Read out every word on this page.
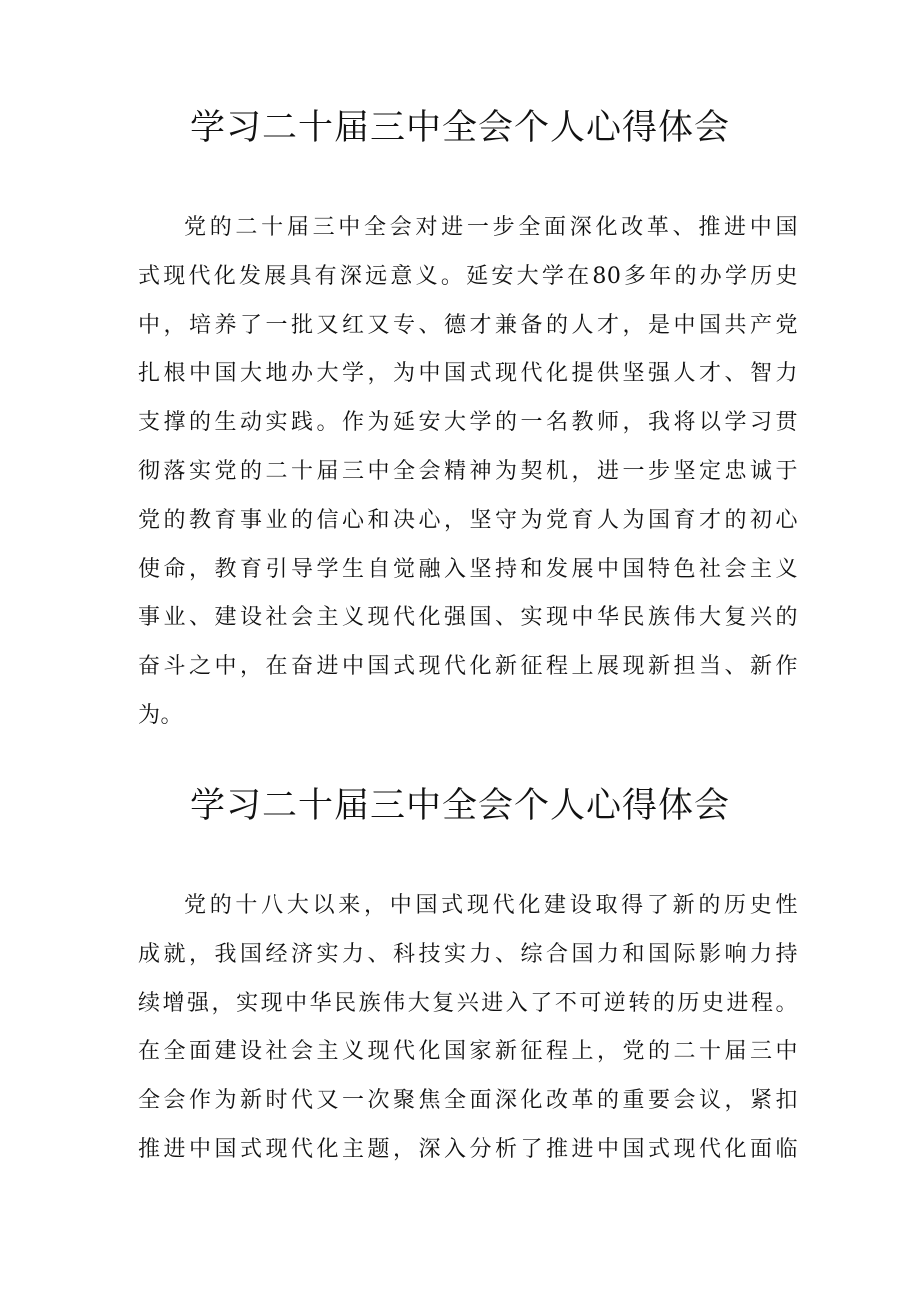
学习二十届三中全会个人心得体会
党的二十届三中全会对进一步全面深化改革、推进中国
式现代化发展具有深远意义。延安大学在80多年的办学历史
中，培养了一批又红又专、德才兼备的人才，是中国共产党
扎根中国大地办大学，为中国式现代化提供坚强人才、智力
支撑的生动实践。作为延安大学的一名教师，我将以学习贯
彻落实党的二十届三中全会精神为契机，进一步坚定忠诚于
党的教育事业的信心和决心，坚守为党育人为国育才的初心
使命，教育引导学生自觉融入坚持和发展中国特色社会主义
事业、建设社会主义现代化强国、实现中华民族伟大复兴的
奋斗之中，在奋进中国式现代化新征程上展现新担当、新作
为。
学习二十届三中全会个人心得体会
党的十八大以来，中国式现代化建设取得了新的历史性
成就，我国经济实力、科技实力、综合国力和国际影响力持
续增强，实现中华民族伟大复兴进入了不可逆转的历史进程。
在全面建设社会主义现代化国家新征程上，党的二十届三中
全会作为新时代又一次聚焦全面深化改革的重要会议，紧扣
推进中国式现代化主题，深入分析了推进中国式现代化面临
